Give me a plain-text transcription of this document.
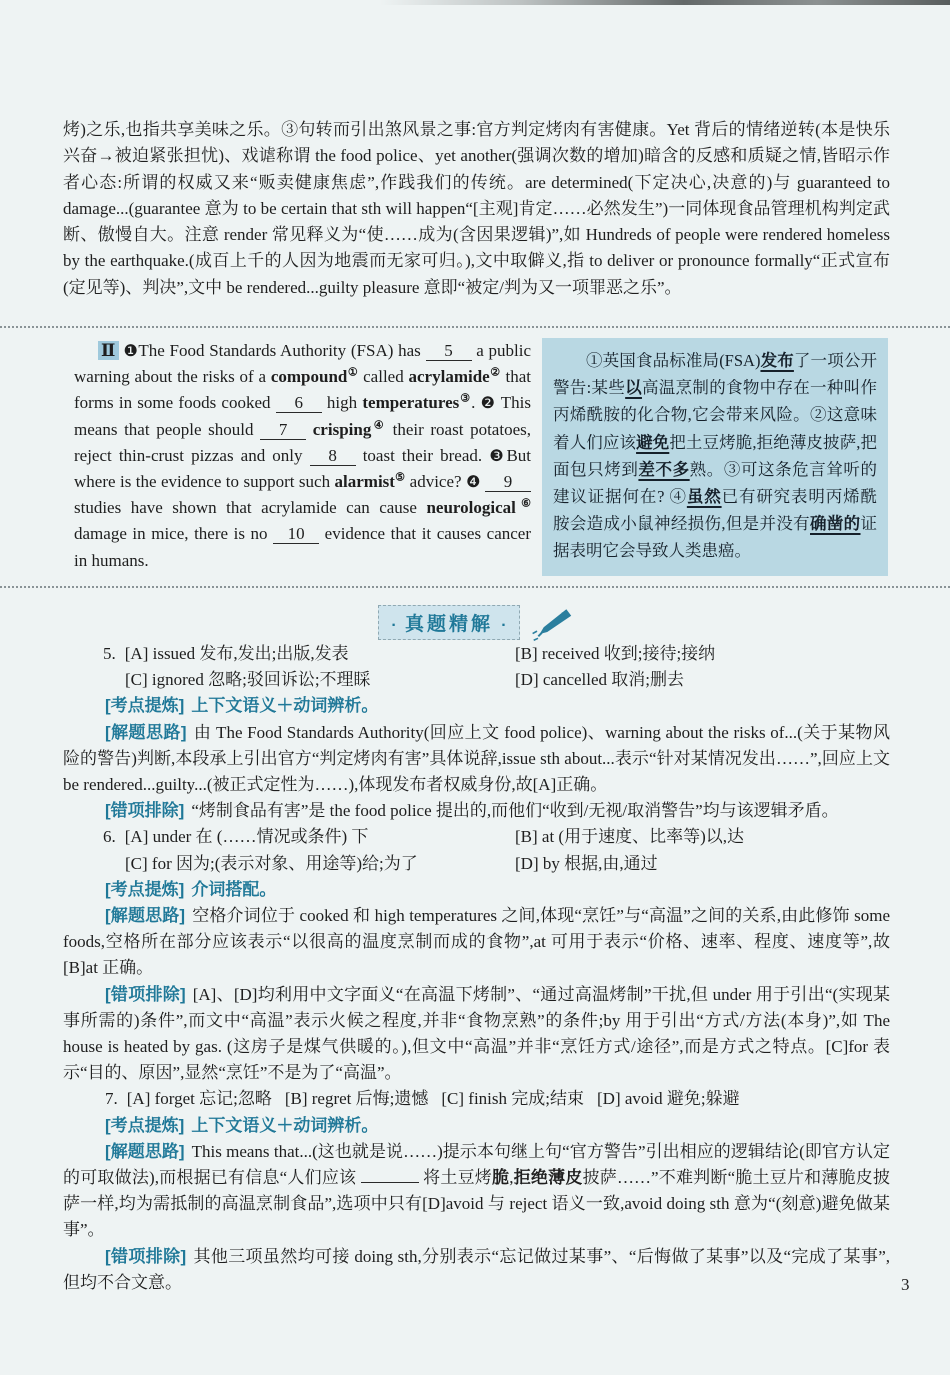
烤)之乐,也指共享美味之乐。③句转而引出煞风景之事:官方判定烤肉有害健康。Yet 背后的情绪逆转(本是快乐兴奋→被迫紧张担忧)、戏谑称谓 the food police、yet another(强调次数的增加)暗含的反感和质疑之情,皆昭示作者心态:所谓的权威又来“贩卖健康焦虑”,作践我们的传统。are determined(下定决心,决意的)与 guaranteed to damage...(guarantee 意为 to be certain that sth will happen“[主观]肯定……必然发生”)一同体现食品管理机构判定武断、傲慢自大。注意 render 常见释义为“使……成为(含因果逻辑)”,如 Hundreds of people were rendered homeless by the earthquake.(成百上千的人因为地震而无家可归。),文中取僻义,指 to deliver or pronounce formally“正式宣布(定见等)、判决”,文中 be rendered...guilty pleasure 意即“被定/判为又一项罪恶之乐”。

Ⅱ ❶The Food Standards Authority (FSA) has 5 a public warning about the risks of a compound① called acrylamide② that forms in some foods cooked 6 high temperatures③. ❷ This means that people should 7 crisping④ their roast potatoes, reject thin-crust pizzas and only 8 toast their bread. ❸But where is the evidence to support such alarmist⑤ advice? ❹ 9 studies have shown that acrylamide can cause neurological⑥ damage in mice, there is no 10 evidence that it causes cancer in humans.

①英国食品标准局(FSA)发布了一项公开警告:某些以高温烹制的食物中存在一种叫作丙烯酰胺的化合物,它会带来风险。②这意味着人们应该避免把土豆烤脆,拒绝薄皮披萨,把面包只烤到差不多熟。③可这条危言耸听的建议证据何在? ④虽然已有研究表明丙烯酰胺会造成小鼠神经损伤,但是并没有确凿的证据表明它会导致人类患癌。
· 真题精解 ·
5. [A] issued 发布,发出;出版,发表	[B] received 收到;接待;接纳
[C] ignored 忽略;驳回诉讼;不理睬	[D] cancelled 取消;删去

[考点提炼] 上下文语义＋动词辨析。

[解题思路] 由 The Food Standards Authority(回应上文 food police)、warning about the risks of...(关于某物风险的警告)判断,本段承上引出官方“判定烤肉有害”具体说辞,issue sth about...表示“针对某情况发出……”,回应上文 be rendered...guilty...(被正式定性为……),体现发布者权威身份,故[A]正确。

[错项排除] “烤制食品有害”是 the food police 提出的,而他们“收到/无视/取消警告”均与该逻辑矛盾。

6. [A] under 在 (……情况或条件) 下	[B] at (用于速度、比率等)以,达
[C] for 因为;(表示对象、用途等)给;为了	[D] by 根据,由,通过

[考点提炼] 介词搭配。

[解题思路] 空格介词位于 cooked 和 high temperatures 之间,体现“烹饪”与“高温”之间的关系,由此修饰 some foods,空格所在部分应该表示“以很高的温度烹制而成的食物”,at 可用于表示“价格、速率、程度、速度等”,故[B]at 正确。

[错项排除] [A]、[D]均利用中文字面义“在高温下烤制”、“通过高温烤制”干扰,但 under 用于引出“(实现某事所需的)条件”,而文中“高温”表示火候之程度,并非“食物烹熟”的条件;by 用于引出“方式/方法(本身)”,如 The house is heated by gas. (这房子是煤气供暖的。),但文中“高温”并非“烹饪方式/途径”,而是方式之特点。[C]for 表示“目的、原因”,显然“烹饪”不是为了“高温”。

7. [A] forget 忘记;忽略 [B] regret 后悔;遗憾 [C] finish 完成;结束 [D] avoid 避免;躲避

[考点提炼] 上下文语义＋动词辨析。

[解题思路] This means that...(这也就是说……)提示本句继上句“官方警告”引出相应的逻辑结论(即官方认定的可取做法),而根据已有信息“人们应该	将土豆烤脆,拒绝薄皮披萨……”不难判断“脆土豆片和薄脆皮披萨一样,均为需抵制的高温烹制食品”,选项中只有[D]avoid 与 reject 语义一致,avoid doing sth 意为“(刻意)避免做某事”。

[错项排除] 其他三项虽然均可接 doing sth,分别表示“忘记做过某事”、“后悔做了某事”以及“完成了某事”,但均不合文意。	3
